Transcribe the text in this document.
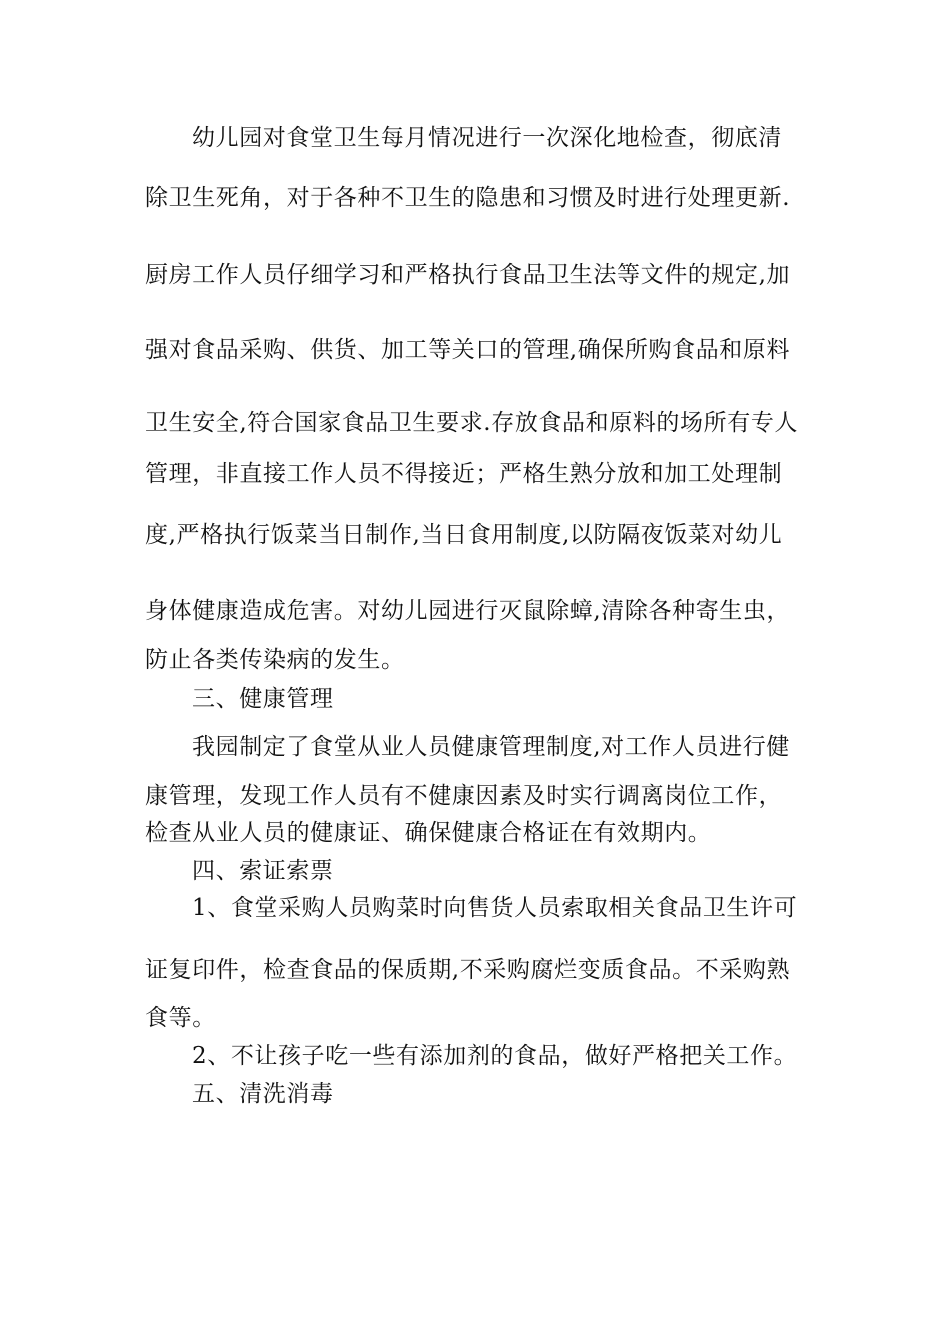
幼儿园对食堂卫生每月情况进行一次深化地检查，彻底清
除卫生死角，对于各种不卫生的隐患和习惯及时进行处理更新.
厨房工作人员仔细学习和严格执行食品卫生法等文件的规定,加
强对食品采购、供货、加工等关口的管理,确保所购食品和原料
卫生安全,符合国家食品卫生要求.存放食品和原料的场所有专人
管理，非直接工作人员不得接近；严格生熟分放和加工处理制
度,严格执行饭菜当日制作,当日食用制度,以防隔夜饭菜对幼儿
身体健康造成危害。对幼儿园进行灭鼠除蟑,清除各种寄生虫，
防止各类传染病的发生。
三、健康管理
我园制定了食堂从业人员健康管理制度,对工作人员进行健
康管理，发现工作人员有不健康因素及时实行调离岗位工作，
检查从业人员的健康证、确保健康合格证在有效期内。
四、索证索票
1、食堂采购人员购菜时向售货人员索取相关食品卫生许可
证复印件，检查食品的保质期,不采购腐烂变质食品。不采购熟
食等。
2、不让孩子吃一些有添加剂的食品，做好严格把关工作。
五、清洗消毒
